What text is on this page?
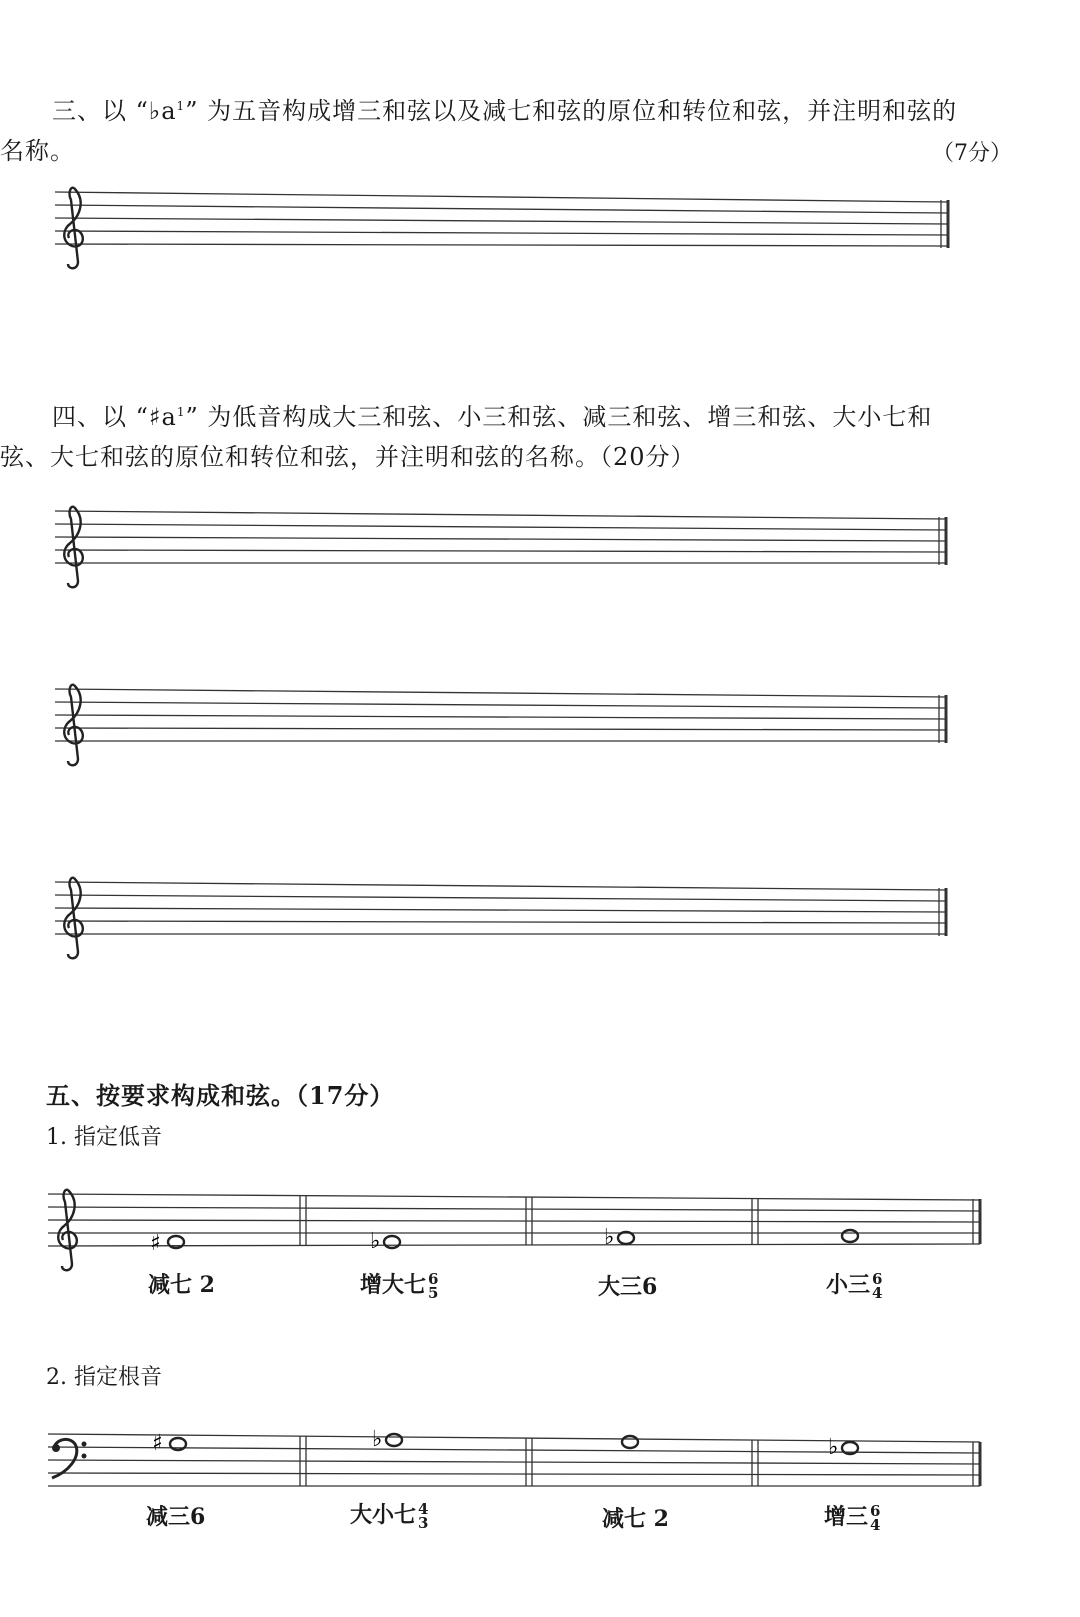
三、以 “$♭a^1$” 为五音构成增三和弦以及减七和弦的原位和转位和弦，并注明和弦的
名称。	（7分）
四、以 “$♯a^1$” 为低音构成大三和弦、小三和弦、减三和弦、增三和弦、大小七和
弦、大七和弦的原位和转位和弦，并注明和弦的名称。（20分）
五、按要求构成和弦。（17分）
1. 指定低音
♯	♭	♭
减七 2	增大七 6
5	大三6	小三 6
4
2. 指定根音
♯	♭	♭
减三6	大小七 4
3	减七 2	增三 6
4
